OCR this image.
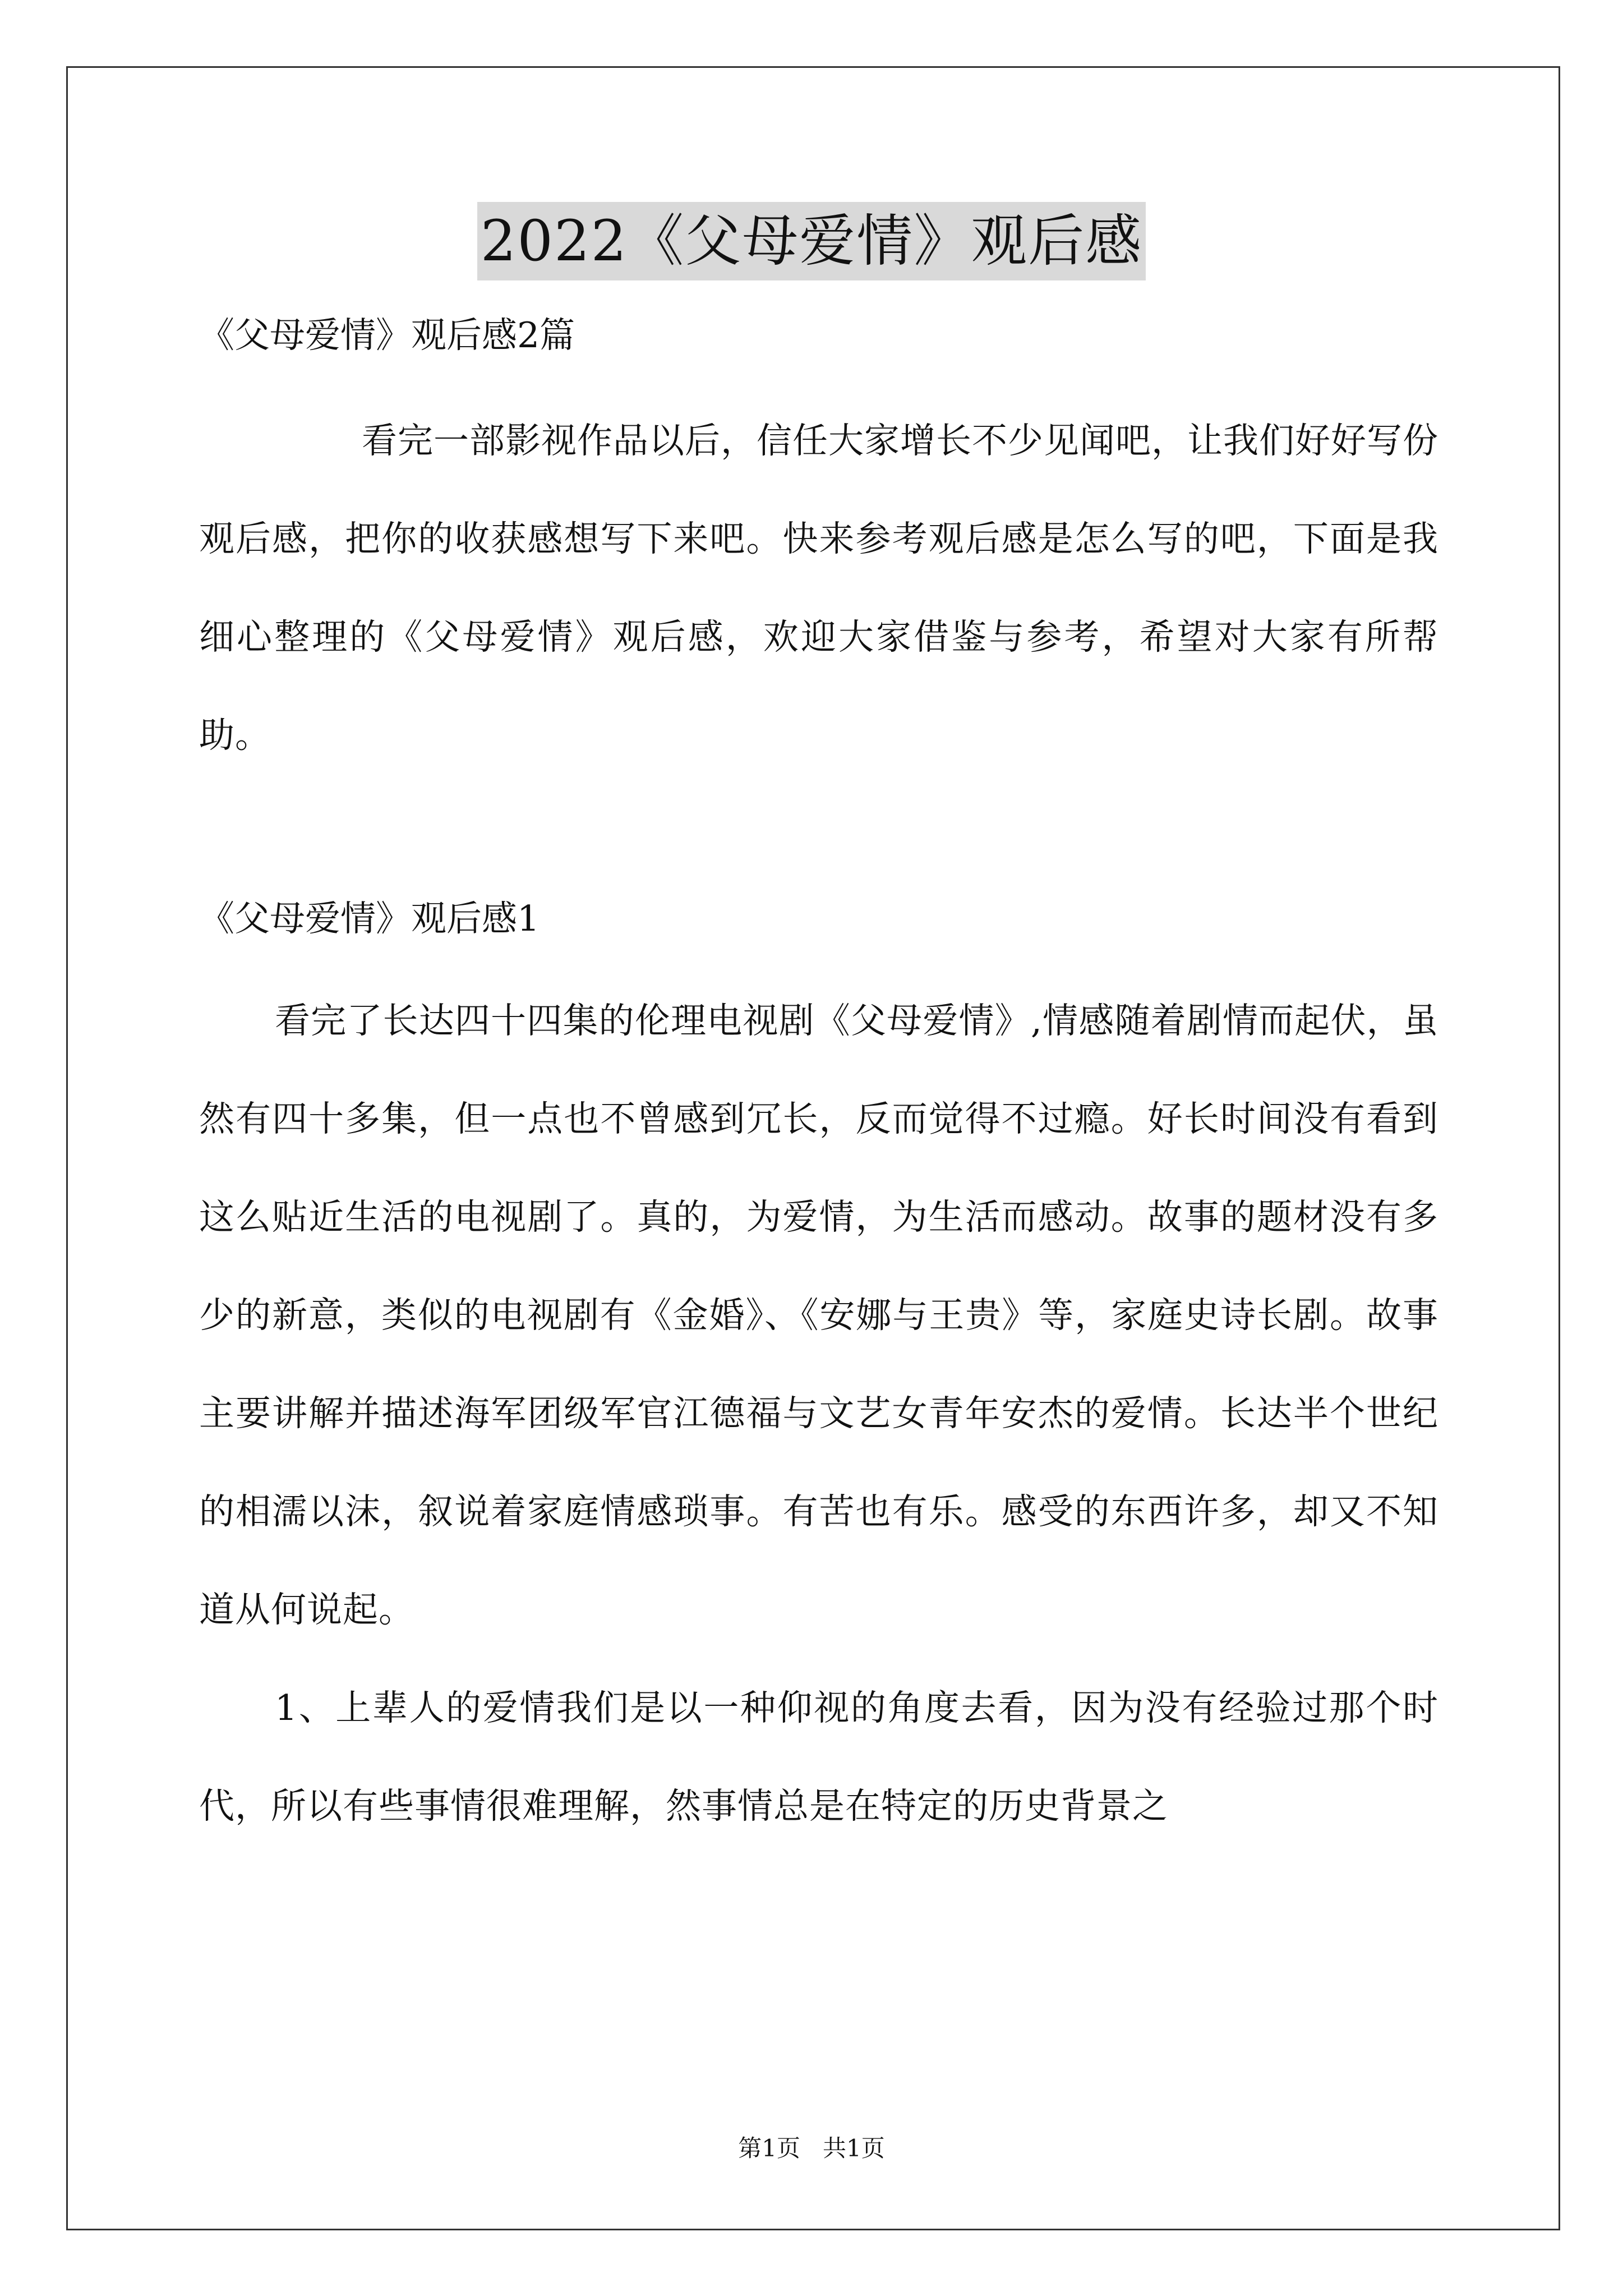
2022《父母爱情》观后感

《父母爱情》观后感2篇

看完一部影视作品以后，信任大家增长不少见闻吧，让我们好好写份观后感，把你的收获感想写下来吧。快来参考观后感是怎么写的吧，下面是我细心整理的《父母爱情》观后感，欢迎大家借鉴与参考，希望对大家有所帮助。

《父母爱情》观后感1

看完了长达四十四集的伦理电视剧《父母爱情》,情感随着剧情而起伏，虽然有四十多集，但一点也不曾感到冗长，反而觉得不过瘾。好长时间没有看到这么贴近生活的电视剧了。真的，为爱情，为生活而感动。故事的题材没有多少的新意，类似的电视剧有《金婚》、《安娜与王贵》等，家庭史诗长剧。故事主要讲解并描述海军团级军官江德福与文艺女青年安杰的爱情。长达半个世纪的相濡以沫，叙说着家庭情感琐事。有苦也有乐。感受的东西许多，却又不知道从何说起。

1、上辈人的爱情我们是以一种仰视的角度去看，因为没有经验过那个时代，所以有些事情很难理解，然事情总是在特定的历史背景之

第1页   共1页
